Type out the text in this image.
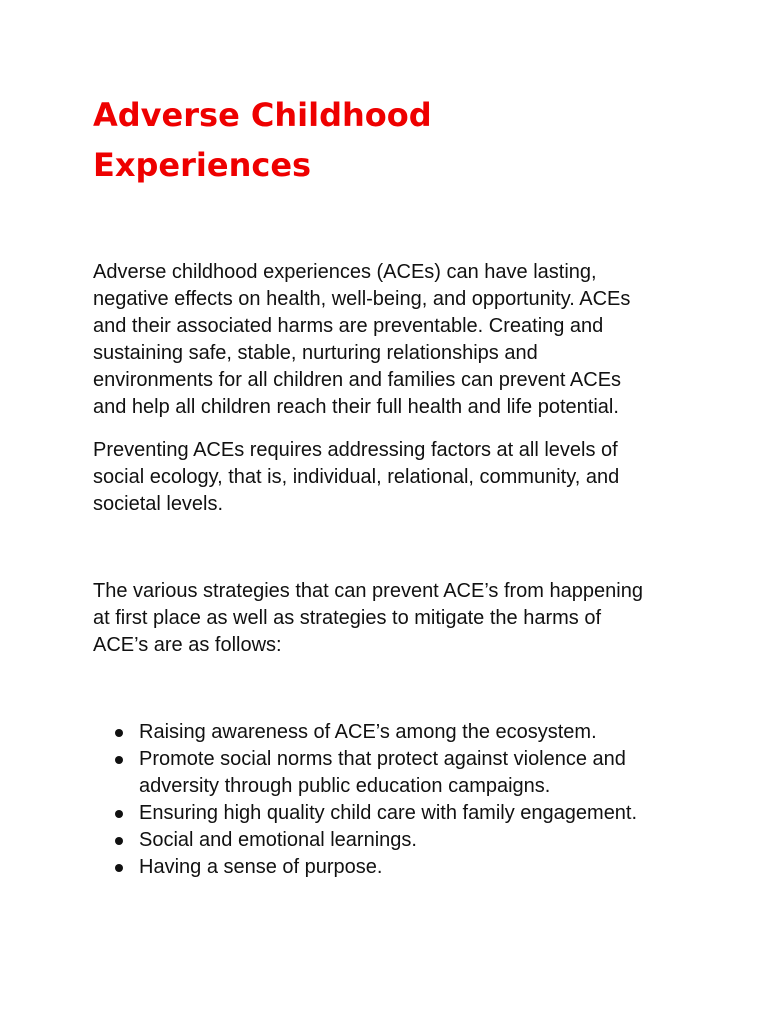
Adverse Childhood
Experiences

Adverse childhood experiences (ACEs) can have lasting,
negative effects on health, well-being, and opportunity. ACEs
and their associated harms are preventable. Creating and
sustaining safe, stable, nurturing relationships and
environments for all children and families can prevent ACEs
and help all children reach their full health and life potential.

Preventing ACEs requires addressing factors at all levels of
social ecology, that is, individual, relational, community, and
societal levels.

The various strategies that can prevent ACE’s from happening
at first place as well as strategies to mitigate the harms of
ACE’s are as follows:

Raising awareness of ACE’s among the ecosystem.
Promote social norms that protect against violence and
adversity through public education campaigns.
Ensuring high quality child care with family engagement.
Social and emotional learnings.
Having a sense of purpose.
